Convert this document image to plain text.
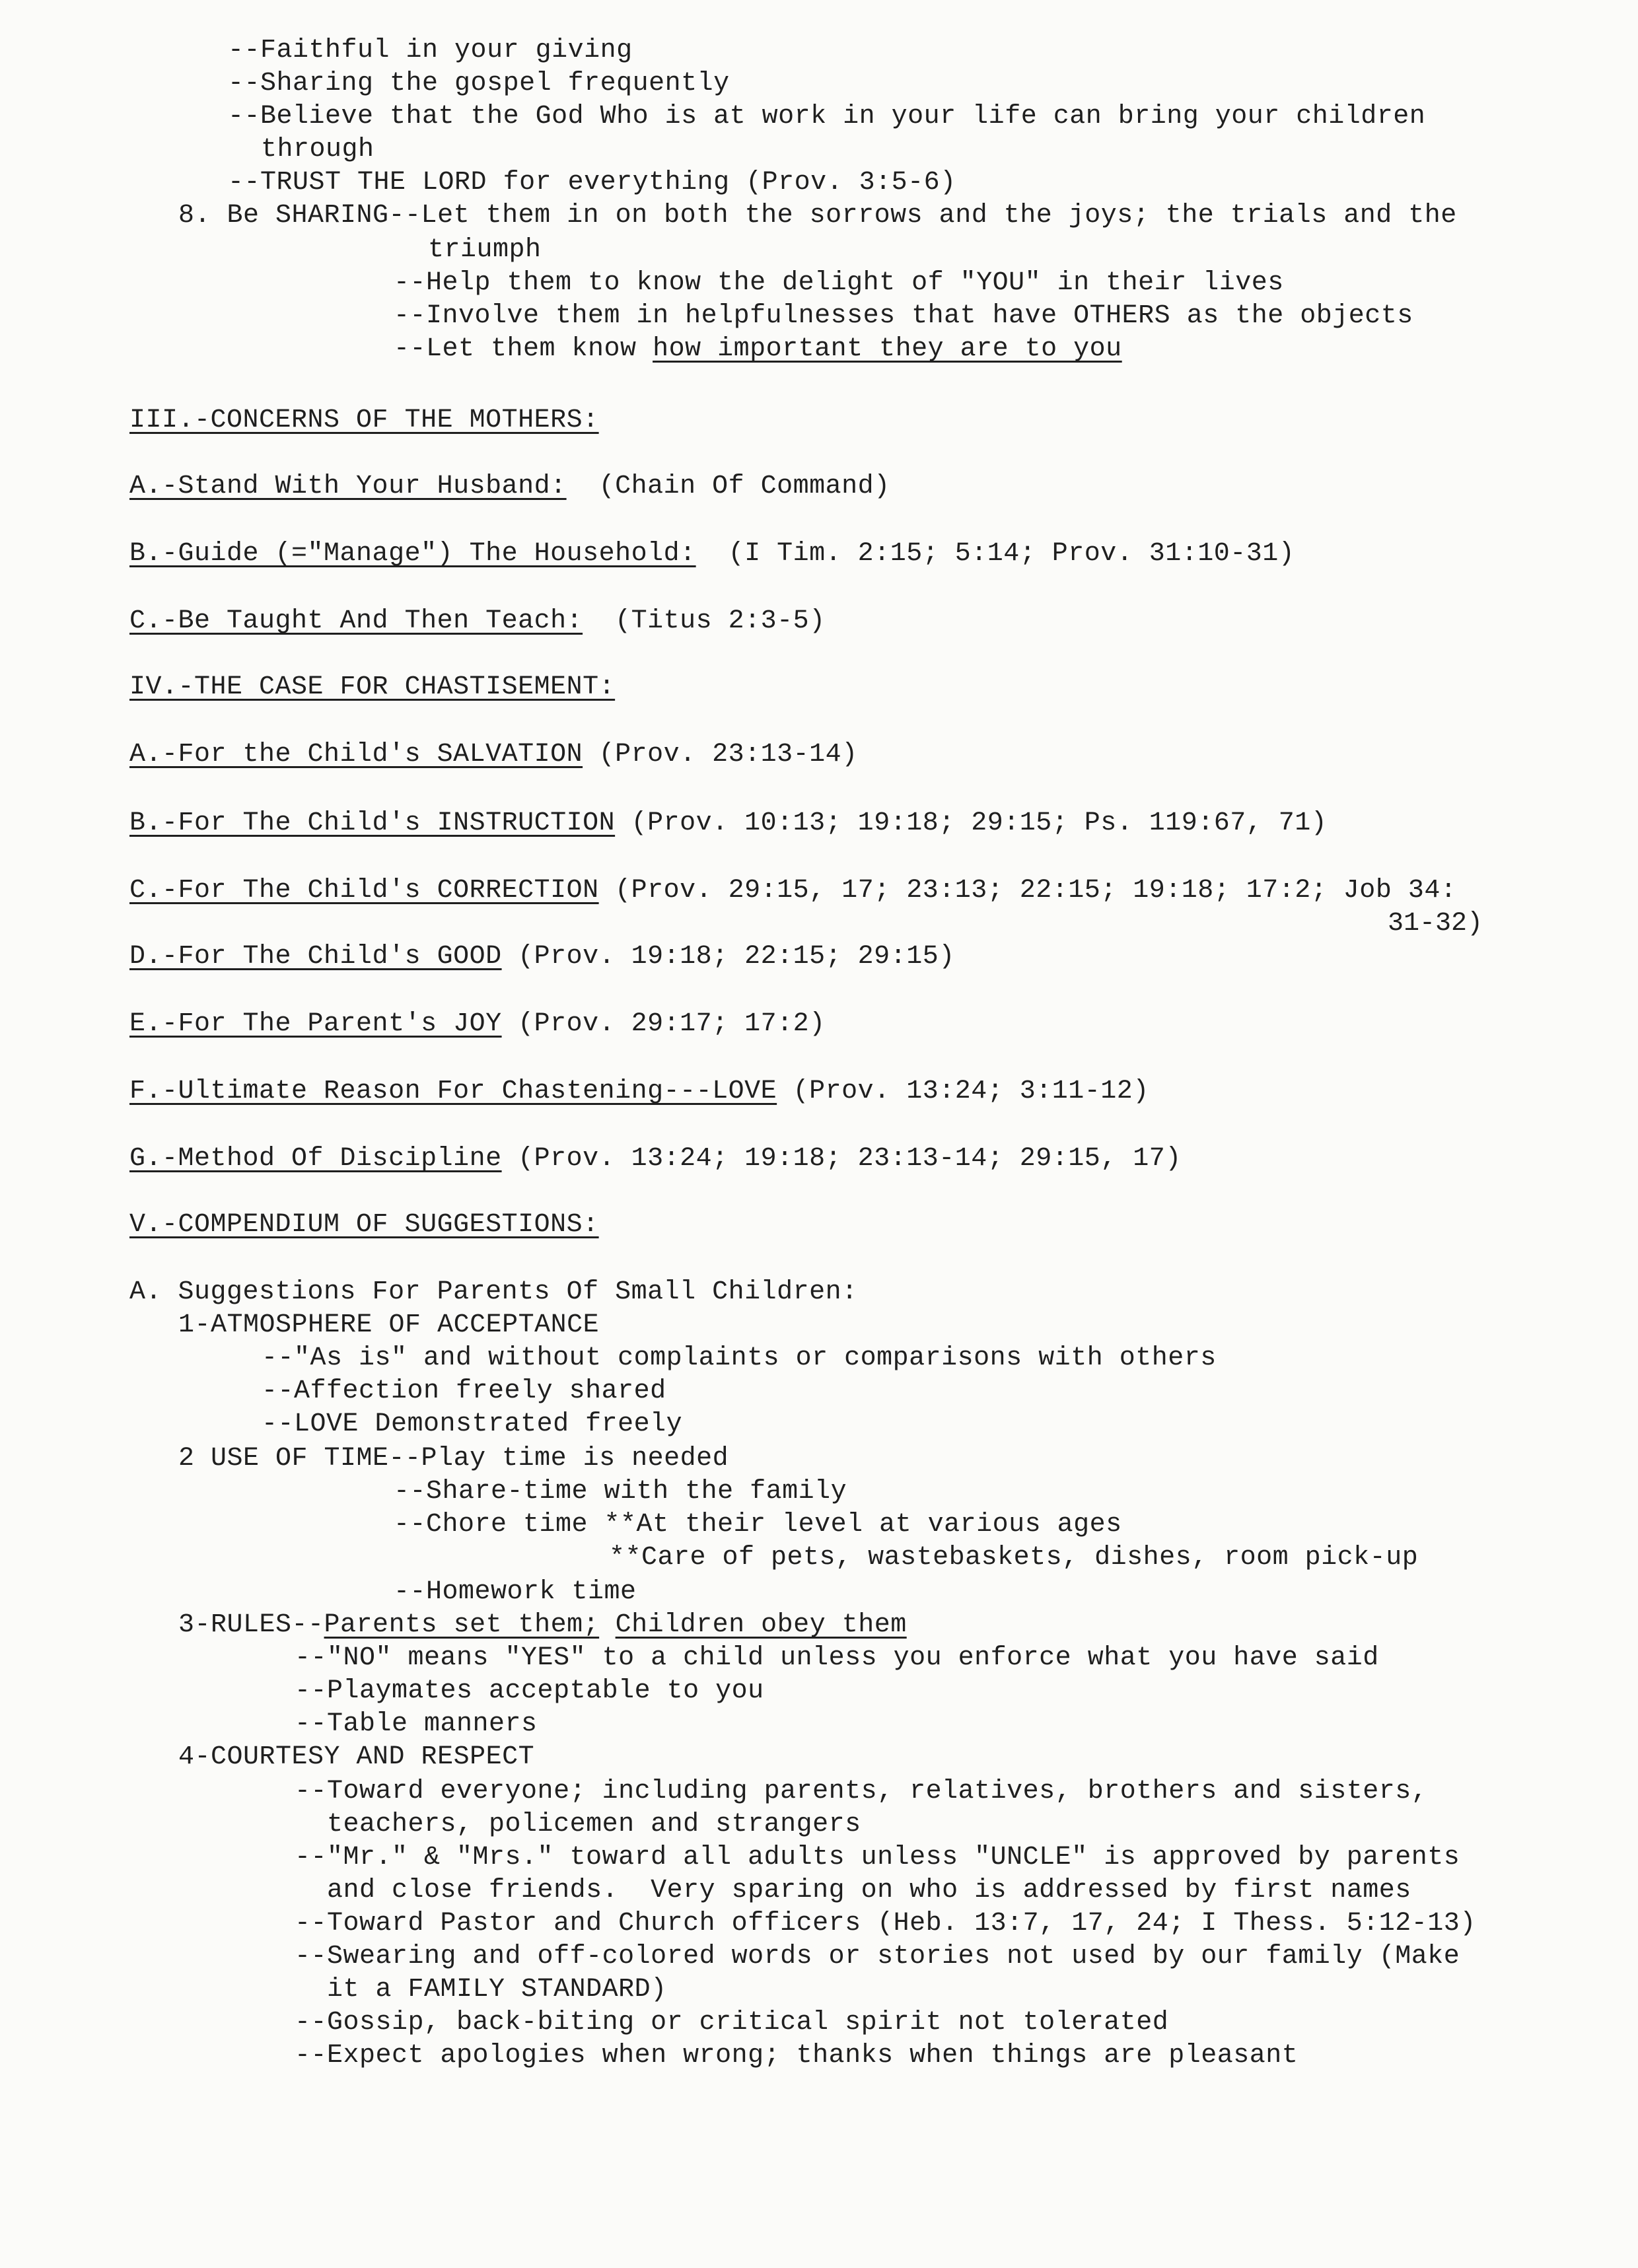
--Faithful in your giving
--Sharing the gospel frequently
--Believe that the God Who is at work in your life can bring your children
through
--TRUST THE LORD for everything (Prov. 3:5-6)
8. Be SHARING--Let them in on both the sorrows and the joys; the trials and the
triumph
--Help them to know the delight of "YOU" in their lives
--Involve them in helpfulnesses that have OTHERS as the objects
--Let them know how important they are to you
III.-CONCERNS OF THE MOTHERS:
A.-Stand With Your Husband:  (Chain Of Command)
B.-Guide (="Manage") The Household:  (I Tim. 2:15; 5:14; Prov. 31:10-31)
C.-Be Taught And Then Teach:  (Titus 2:3-5)
IV.-THE CASE FOR CHASTISEMENT:
A.-For the Child's SALVATION (Prov. 23:13-14)
B.-For The Child's INSTRUCTION (Prov. 10:13; 19:18; 29:15; Ps. 119:67, 71)
C.-For The Child's CORRECTION (Prov. 29:15, 17; 23:13; 22:15; 19:18; 17:2; Job 34:
31-32)
D.-For The Child's GOOD (Prov. 19:18; 22:15; 29:15)
E.-For The Parent's JOY (Prov. 29:17; 17:2)
F.-Ultimate Reason For Chastening---LOVE (Prov. 13:24; 3:11-12)
G.-Method Of Discipline (Prov. 13:24; 19:18; 23:13-14; 29:15, 17)
V.-COMPENDIUM OF SUGGESTIONS:
A. Suggestions For Parents Of Small Children:
1-ATMOSPHERE OF ACCEPTANCE
--"As is" and without complaints or comparisons with others
--Affection freely shared
--LOVE Demonstrated freely
2 USE OF TIME--Play time is needed
--Share-time with the family
--Chore time **At their level at various ages
**Care of pets, wastebaskets, dishes, room pick-up
--Homework time
3-RULES--Parents set them; Children obey them
--"NO" means "YES" to a child unless you enforce what you have said
--Playmates acceptable to you
--Table manners
4-COURTESY AND RESPECT
--Toward everyone; including parents, relatives, brothers and sisters,
teachers, policemen and strangers
--"Mr." & "Mrs." toward all adults unless "UNCLE" is approved by parents
and close friends.  Very sparing on who is addressed by first names
--Toward Pastor and Church officers (Heb. 13:7, 17, 24; I Thess. 5:12-13)
--Swearing and off-colored words or stories not used by our family (Make
it a FAMILY STANDARD)
--Gossip, back-biting or critical spirit not tolerated
--Expect apologies when wrong; thanks when things are pleasant
